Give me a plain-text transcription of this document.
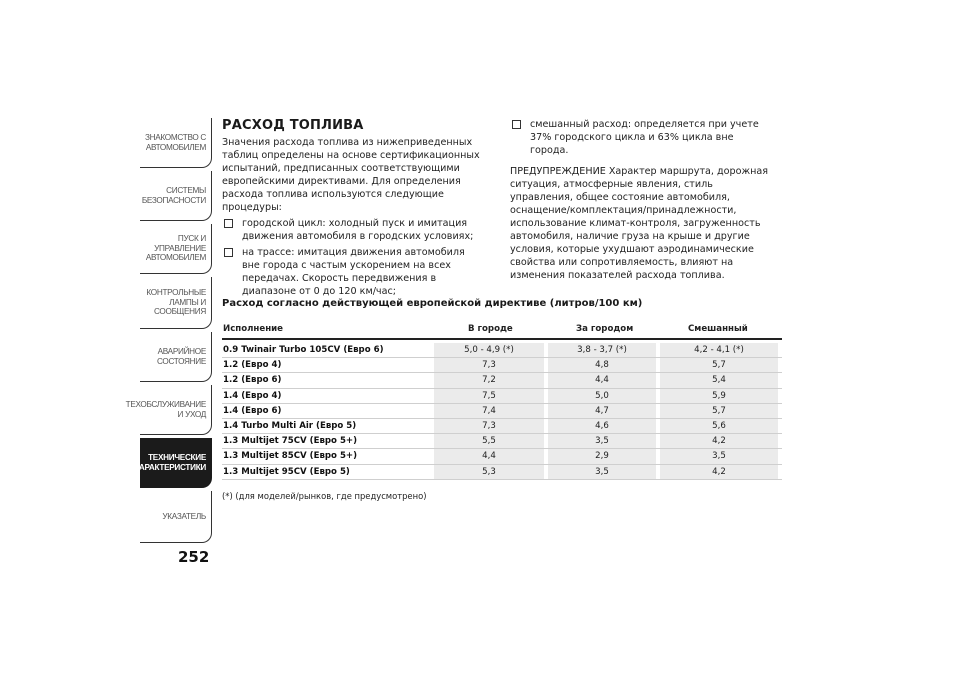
ЗНАКОМСТВО С
АВТОМОБИЛЕМ
СИСТЕМЫ
БЕЗОПАСНОСТИ
ПУСК И УПРАВЛЕНИЕ
АВТОМОБИЛЕМ
КОНТРОЛЬНЫЕ
ЛАМПЫ И
СООБЩЕНИЯ
АВАРИЙНОЕ
СОСТОЯНИЕ
ТЕХОБСЛУЖИВАНИЕ
И УХОД
ТЕХНИЧЕСКИЕ
ХАРАКТЕРИСТИКИ
УКАЗАТЕЛЬ
252
РАСХОД ТОПЛИВА

Значения расхода топлива из нижеприведенных таблиц определены на основе сертификационных испытаний, предписанных соответствующими европейскими директивами. Для определения расхода топлива используются следующие процедуры:

городской цикл: холодный пуск и имитация движения автомобиля в городских условиях;
на трассе: имитация движения автомобиля вне города с частым ускорением на всех передачах. Скорость передвижения в диапазоне от 0 до 120 км/час;
смешанный расход: определяется при учете 37% городского цикла и 63% цикла вне города.

ПРЕДУПРЕЖДЕНИЕ Характер маршрута, дорожная ситуация, атмосферные явления, стиль управления, общее состояние автомобиля, оснащение/комплектация/принадлежности, использование климат-контроля, загруженность автомобиля, наличие груза на крыше и другие условия, которые ухудшают аэродинамические свойства или сопротивляемость, влияют на изменения показателей расхода топлива.

Расход согласно действующей европейской директиве (литров/100 км)
Исполнение	В городе	За городом	Смешанный
0.9 Twinair Turbo 105CV (Евро 6)	5,0 - 4,9 (*)	3,8 - 3,7 (*)	4,2 - 4,1 (*)
1.2 (Евро 4)	7,3	4,8	5,7
1.2 (Евро 6)	7,2	4,4	5,4
1.4 (Евро 4)	7,5	5,0	5,9
1.4 (Евро 6)	7,4	4,7	5,7
1.4 Turbo Multi Air (Евро 5)	7,3	4,6	5,6
1.3 Multijet 75CV (Евро 5+)	5,5	3,5	4,2
1.3 Multijet 85CV (Евро 5+)	4,4	2,9	3,5
1.3 Multijet 95CV (Евро 5)	5,3	3,5	4,2
(*) (для моделей/рынков, где предусмотрено)
